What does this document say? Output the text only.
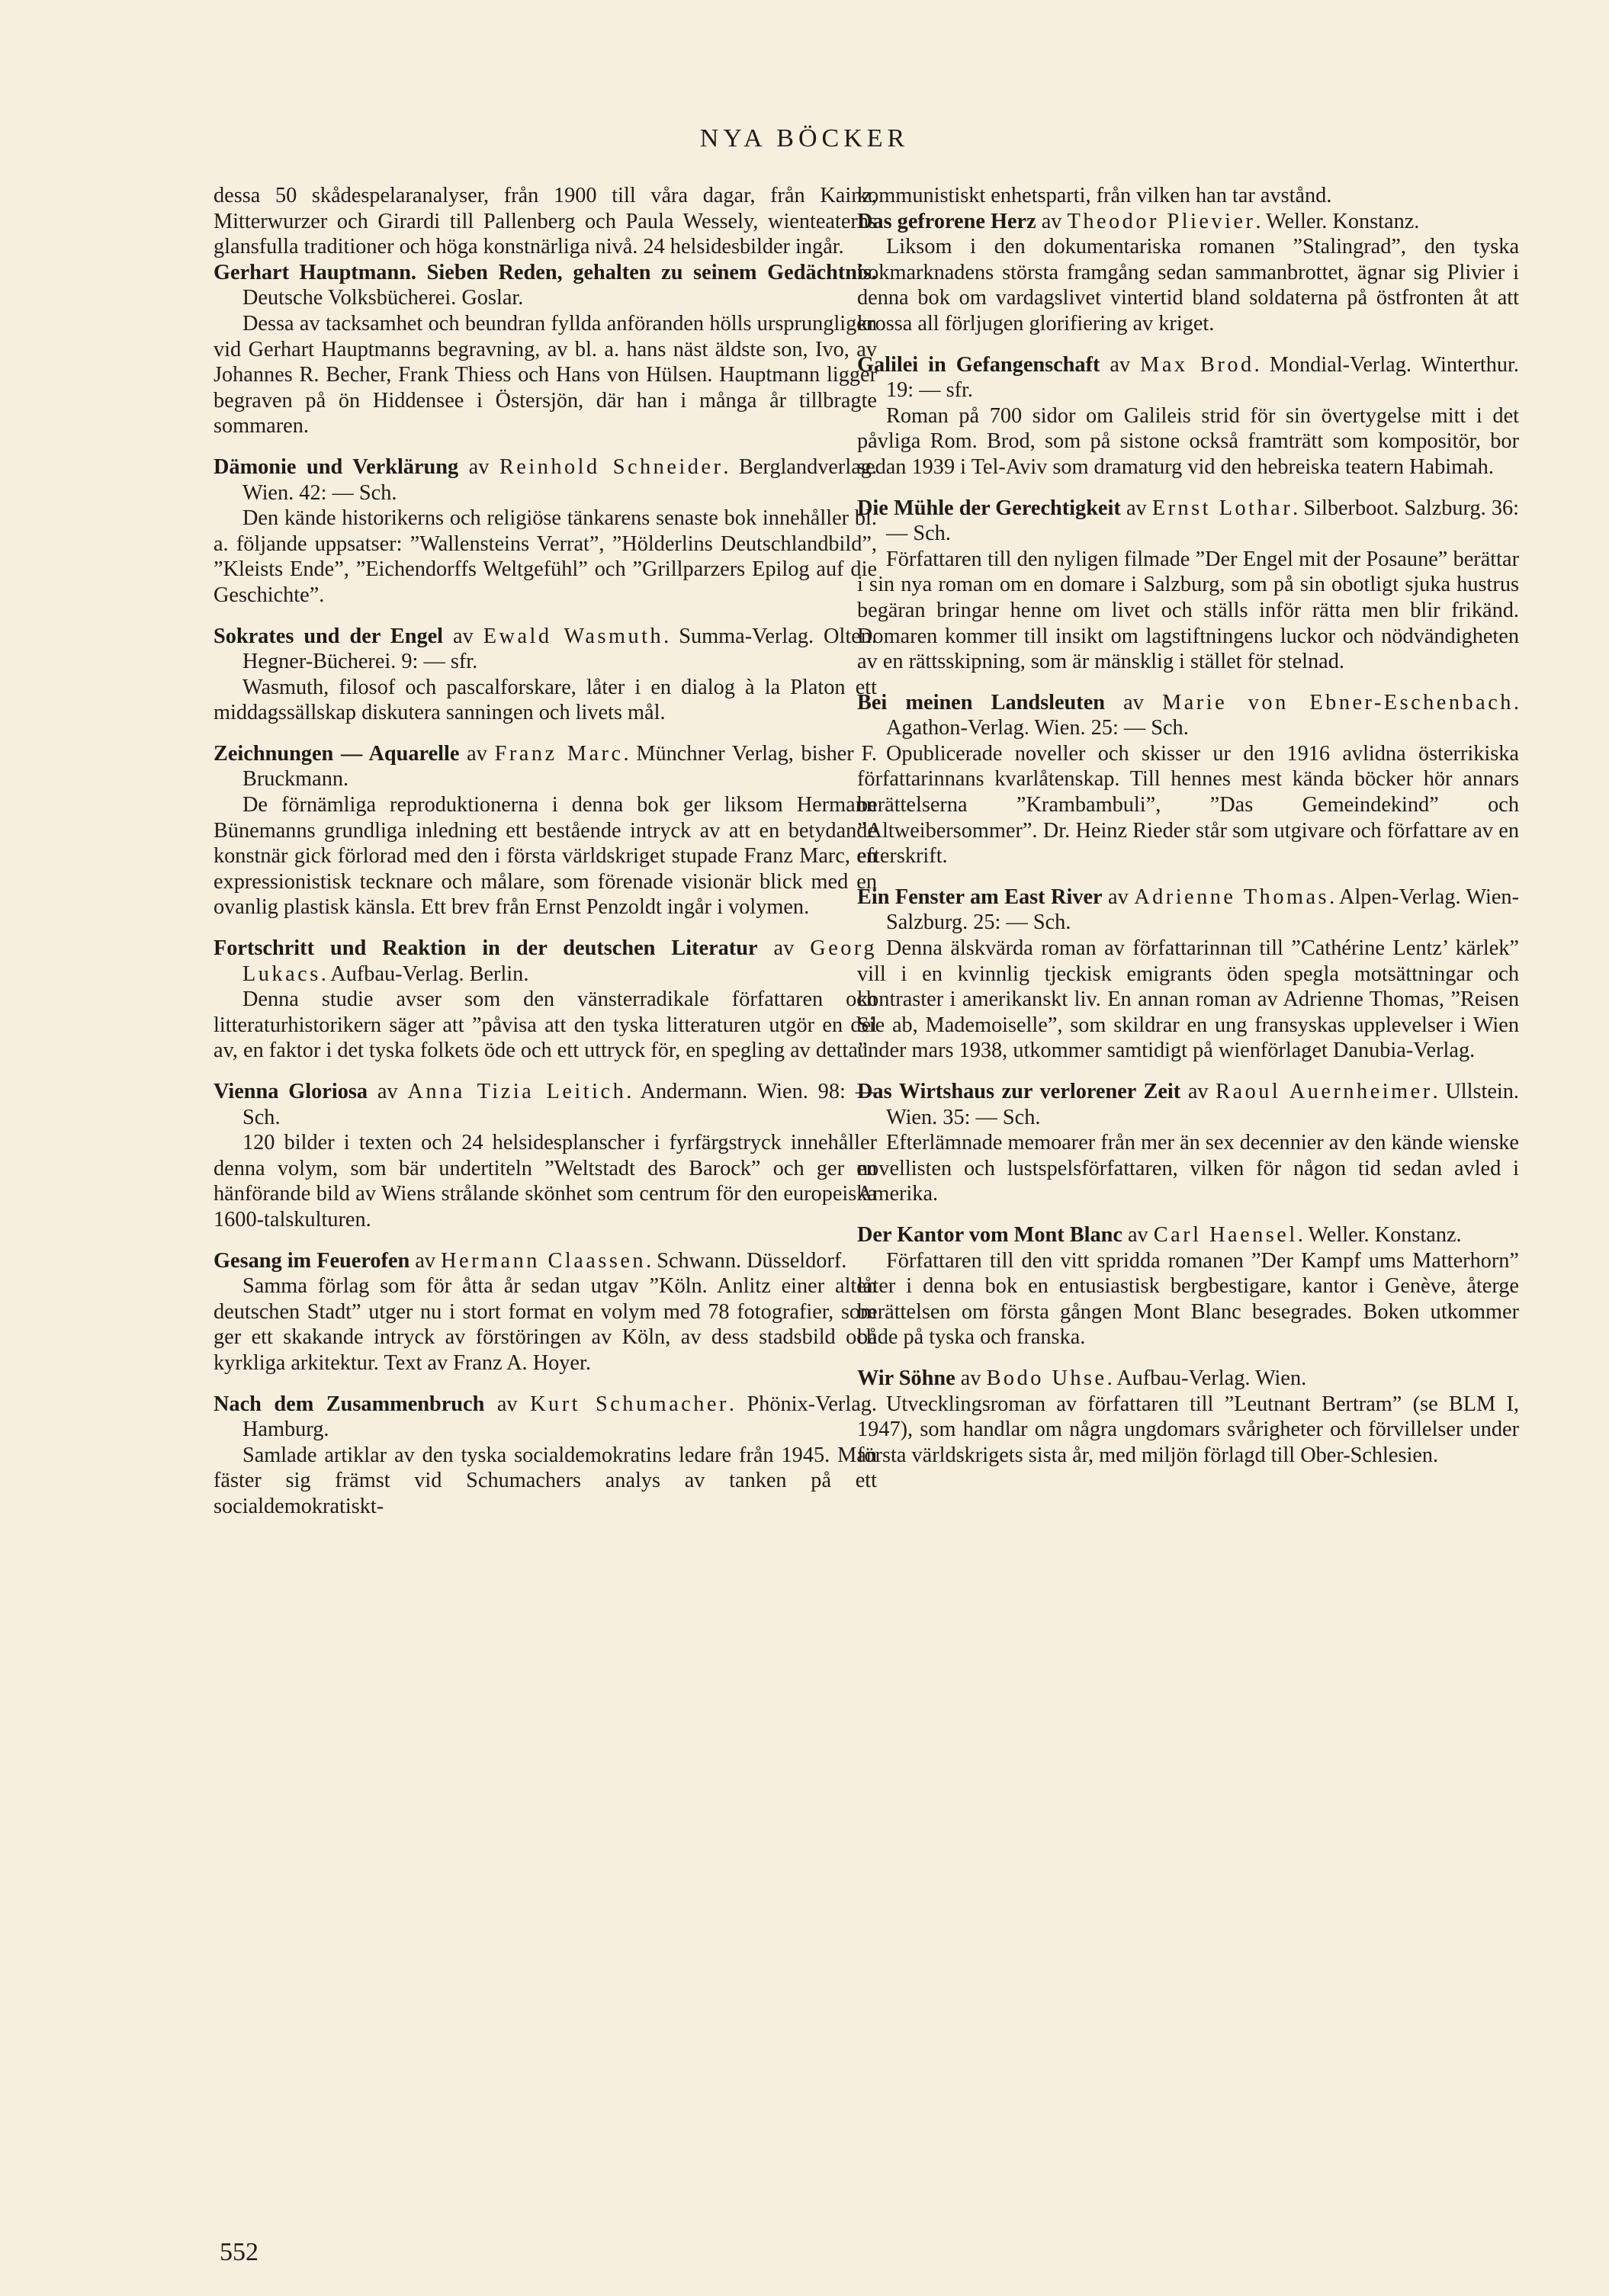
NYA BÖCKER

dessa 50 skådespelaranalyser, från 1900 till våra dagar, från Kainz, Mitterwurzer och Girardi till Pallenberg och Paula Wessely, wienteaterns glansfulla traditioner och höga konstnärliga nivå. 24 helsidesbilder ingår.

Gerhart Hauptmann. Sieben Reden, gehalten zu seinem Gedächtnis. Deutsche Volksbücherei. Goslar.

Dessa av tacksamhet och beundran fyllda anföranden hölls ursprungligen vid Gerhart Hauptmanns begravning, av bl. a. hans näst äldste son, Ivo, av Johannes R. Becher, Frank Thiess och Hans von Hülsen. Hauptmann ligger begraven på ön Hiddensee i Östersjön, där han i många år tillbragte sommaren.

Dämonie und Verklärung av Reinhold Schneider. Berglandverlag. Wien. 42: — Sch.

Den kände historikerns och religiöse tänkarens senaste bok innehåller bl. a. följande uppsatser: ”Wallensteins Verrat”, ”Hölderlins Deutschlandbild”, ”Kleists Ende”, ”Eichendorffs Weltgefühl” och ”Grillparzers Epilog auf die Geschichte”.

Sokrates und der Engel av Ewald Wasmuth. Summa-Verlag. Olten. Hegner-Bücherei. 9: — sfr.

Wasmuth, filosof och pascalforskare, låter i en dialog à la Platon ett middagssällskap diskutera sanningen och livets mål.

Zeichnungen — Aquarelle av Franz Marc. Münchner Verlag, bisher F. Bruckmann.

De förnämliga reproduktionerna i denna bok ger liksom Hermann Bünemanns grundliga inledning ett bestående intryck av att en betydande konstnär gick förlorad med den i första världskriget stupade Franz Marc, en expressionistisk tecknare och målare, som förenade visionär blick med en ovanlig plastisk känsla. Ett brev från Ernst Penzoldt ingår i volymen.

Fortschritt und Reaktion in der deutschen Literatur av Georg Lukacs. Aufbau-Verlag. Berlin.

Denna studie avser som den vänsterradikale författaren och litteraturhistorikern säger att ”påvisa att den tyska litteraturen utgör en del av, en faktor i det tyska folkets öde och ett uttryck för, en spegling av detta”.

Vienna Gloriosa av Anna Tizia Leitich. Andermann. Wien. 98: — Sch.

120 bilder i texten och 24 helsidesplanscher i fyrfärgstryck innehåller denna volym, som bär undertiteln ”Weltstadt des Barock” och ger en hänförande bild av Wiens strålande skönhet som centrum för den europeiska 1600-talskulturen.

Gesang im Feuerofen av Hermann Claassen. Schwann. Düsseldorf.

Samma förlag som för åtta år sedan utgav ”Köln. Anlitz einer alten deutschen Stadt” utger nu i stort format en volym med 78 fotografier, som ger ett skakande intryck av förstöringen av Köln, av dess stadsbild och kyrkliga arkitektur. Text av Franz A. Hoyer.

Nach dem Zusammenbruch av Kurt Schumacher. Phönix-Verlag. Hamburg.

Samlade artiklar av den tyska socialdemokratins ledare från 1945. Man fäster sig främst vid Schumachers analys av tanken på ett socialdemokratiskt-

kommunistiskt enhetsparti, från vilken han tar avstånd.

Das gefrorene Herz av Theodor Plievier. Weller. Konstanz.

Liksom i den dokumentariska romanen ”Stalingrad”, den tyska bokmarknadens största framgång sedan sammanbrottet, ägnar sig Plivier i denna bok om vardagslivet vintertid bland soldaterna på östfronten åt att krossa all förljugen glorifiering av kriget.

Galilei in Gefangenschaft av Max Brod. Mondial-Verlag. Winterthur. 19: — sfr.

Roman på 700 sidor om Galileis strid för sin övertygelse mitt i det påvliga Rom. Brod, som på sistone också framträtt som kompositör, bor sedan 1939 i Tel-Aviv som dramaturg vid den hebreiska teatern Habimah.

Die Mühle der Gerechtigkeit av Ernst Lothar. Silberboot. Salzburg. 36: — Sch.

Författaren till den nyligen filmade ”Der Engel mit der Posaune” berättar i sin nya roman om en domare i Salzburg, som på sin obotligt sjuka hustrus begäran bringar henne om livet och ställs inför rätta men blir frikänd. Domaren kommer till insikt om lagstiftningens luckor och nödvändigheten av en rättsskipning, som är mänsklig i stället för stelnad.

Bei meinen Landsleuten av Marie von Ebner-Eschenbach. Agathon-Verlag. Wien. 25: — Sch.

Opublicerade noveller och skisser ur den 1916 avlidna österrikiska författarinnans kvarlåtenskap. Till hennes mest kända böcker hör annars berättelserna ”Krambambuli”, ”Das Gemeindekind” och ”Altweibersommer”. Dr. Heinz Rieder står som utgivare och författare av en efterskrift.

Ein Fenster am East River av Adrienne Thomas. Alpen-Verlag. Wien-Salzburg. 25: — Sch.

Denna älskvärda roman av författarinnan till ”Cathérine Lentz’ kärlek” vill i en kvinnlig tjeckisk emigrants öden spegla motsättningar och kontraster i amerikanskt liv. En annan roman av Adrienne Thomas, ”Reisen Sie ab, Mademoiselle”, som skildrar en ung fransyskas upplevelser i Wien under mars 1938, utkommer samtidigt på wienförlaget Danubia-Verlag.

Das Wirtshaus zur verlorener Zeit av Raoul Auernheimer. Ullstein. Wien. 35: — Sch.

Efterlämnade memoarer från mer än sex decennier av den kände wienske novellisten och lustspelsförfattaren, vilken för någon tid sedan avled i Amerika.

Der Kantor vom Mont Blanc av Carl Haensel. Weller. Konstanz.

Författaren till den vitt spridda romanen ”Der Kampf ums Matterhorn” låter i denna bok en entusiastisk bergbestigare, kantor i Genève, återge berättelsen om första gången Mont Blanc besegrades. Boken utkommer både på tyska och franska.

Wir Söhne av Bodo Uhse. Aufbau-Verlag. Wien.

Utvecklingsroman av författaren till ”Leutnant Bertram” (se BLM I, 1947), som handlar om några ungdomars svårigheter och förvillelser under första världskrigets sista år, med miljön förlagd till Ober-Schlesien.

552
